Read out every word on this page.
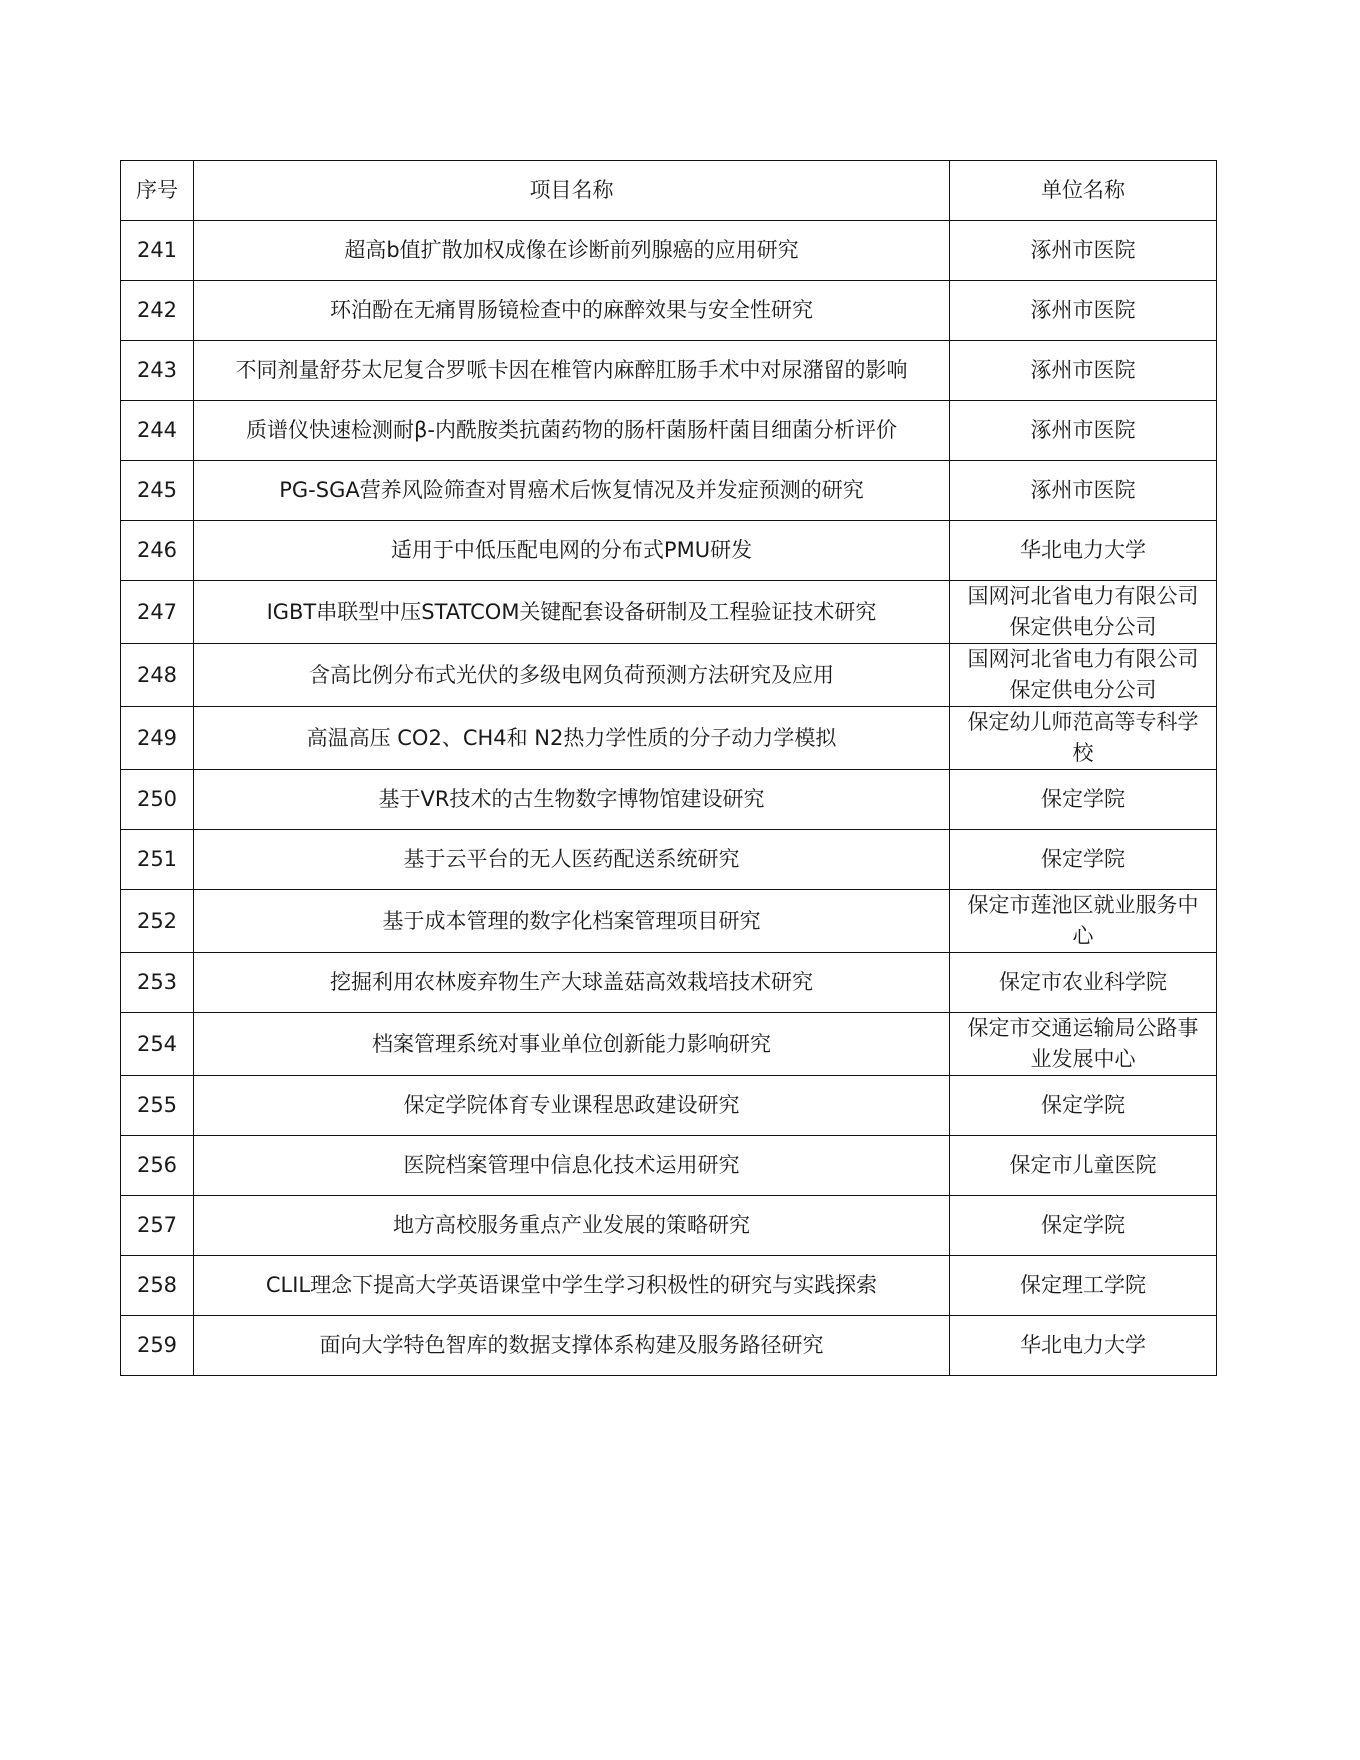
序号	项目名称	单位名称
241	超高b值扩散加权成像在诊断前列腺癌的应用研究	涿州市医院
242	环泊酚在无痛胃肠镜检查中的麻醉效果与安全性研究	涿州市医院
243	不同剂量舒芬太尼复合罗哌卡因在椎管内麻醉肛肠手术中对尿潴留的影响	涿州市医院
244	质谱仪快速检测耐β-内酰胺类抗菌药物的肠杆菌肠杆菌目细菌分析评价	涿州市医院
245	PG-SGA营养风险筛查对胃癌术后恢复情况及并发症预测的研究	涿州市医院
246	适用于中低压配电网的分布式PMU研发	华北电力大学
247	IGBT串联型中压STATCOM关键配套设备研制及工程验证技术研究	国网河北省电力有限公司保定供电分公司
248	含高比例分布式光伏的多级电网负荷预测方法研究及应用	国网河北省电力有限公司保定供电分公司
249	高温高压 CO2、CH4和 N2热力学性质的分子动力学模拟	保定幼儿师范高等专科学校
250	基于VR技术的古生物数字博物馆建设研究	保定学院
251	基于云平台的无人医药配送系统研究	保定学院
252	基于成本管理的数字化档案管理项目研究	保定市莲池区就业服务中心
253	挖掘利用农林废弃物生产大球盖菇高效栽培技术研究	保定市农业科学院
254	档案管理系统对事业单位创新能力影响研究	保定市交通运输局公路事业发展中心
255	保定学院体育专业课程思政建设研究	保定学院
256	医院档案管理中信息化技术运用研究	保定市儿童医院
257	地方高校服务重点产业发展的策略研究	保定学院
258	CLIL理念下提高大学英语课堂中学生学习积极性的研究与实践探索	保定理工学院
259	面向大学特色智库的数据支撑体系构建及服务路径研究	华北电力大学
